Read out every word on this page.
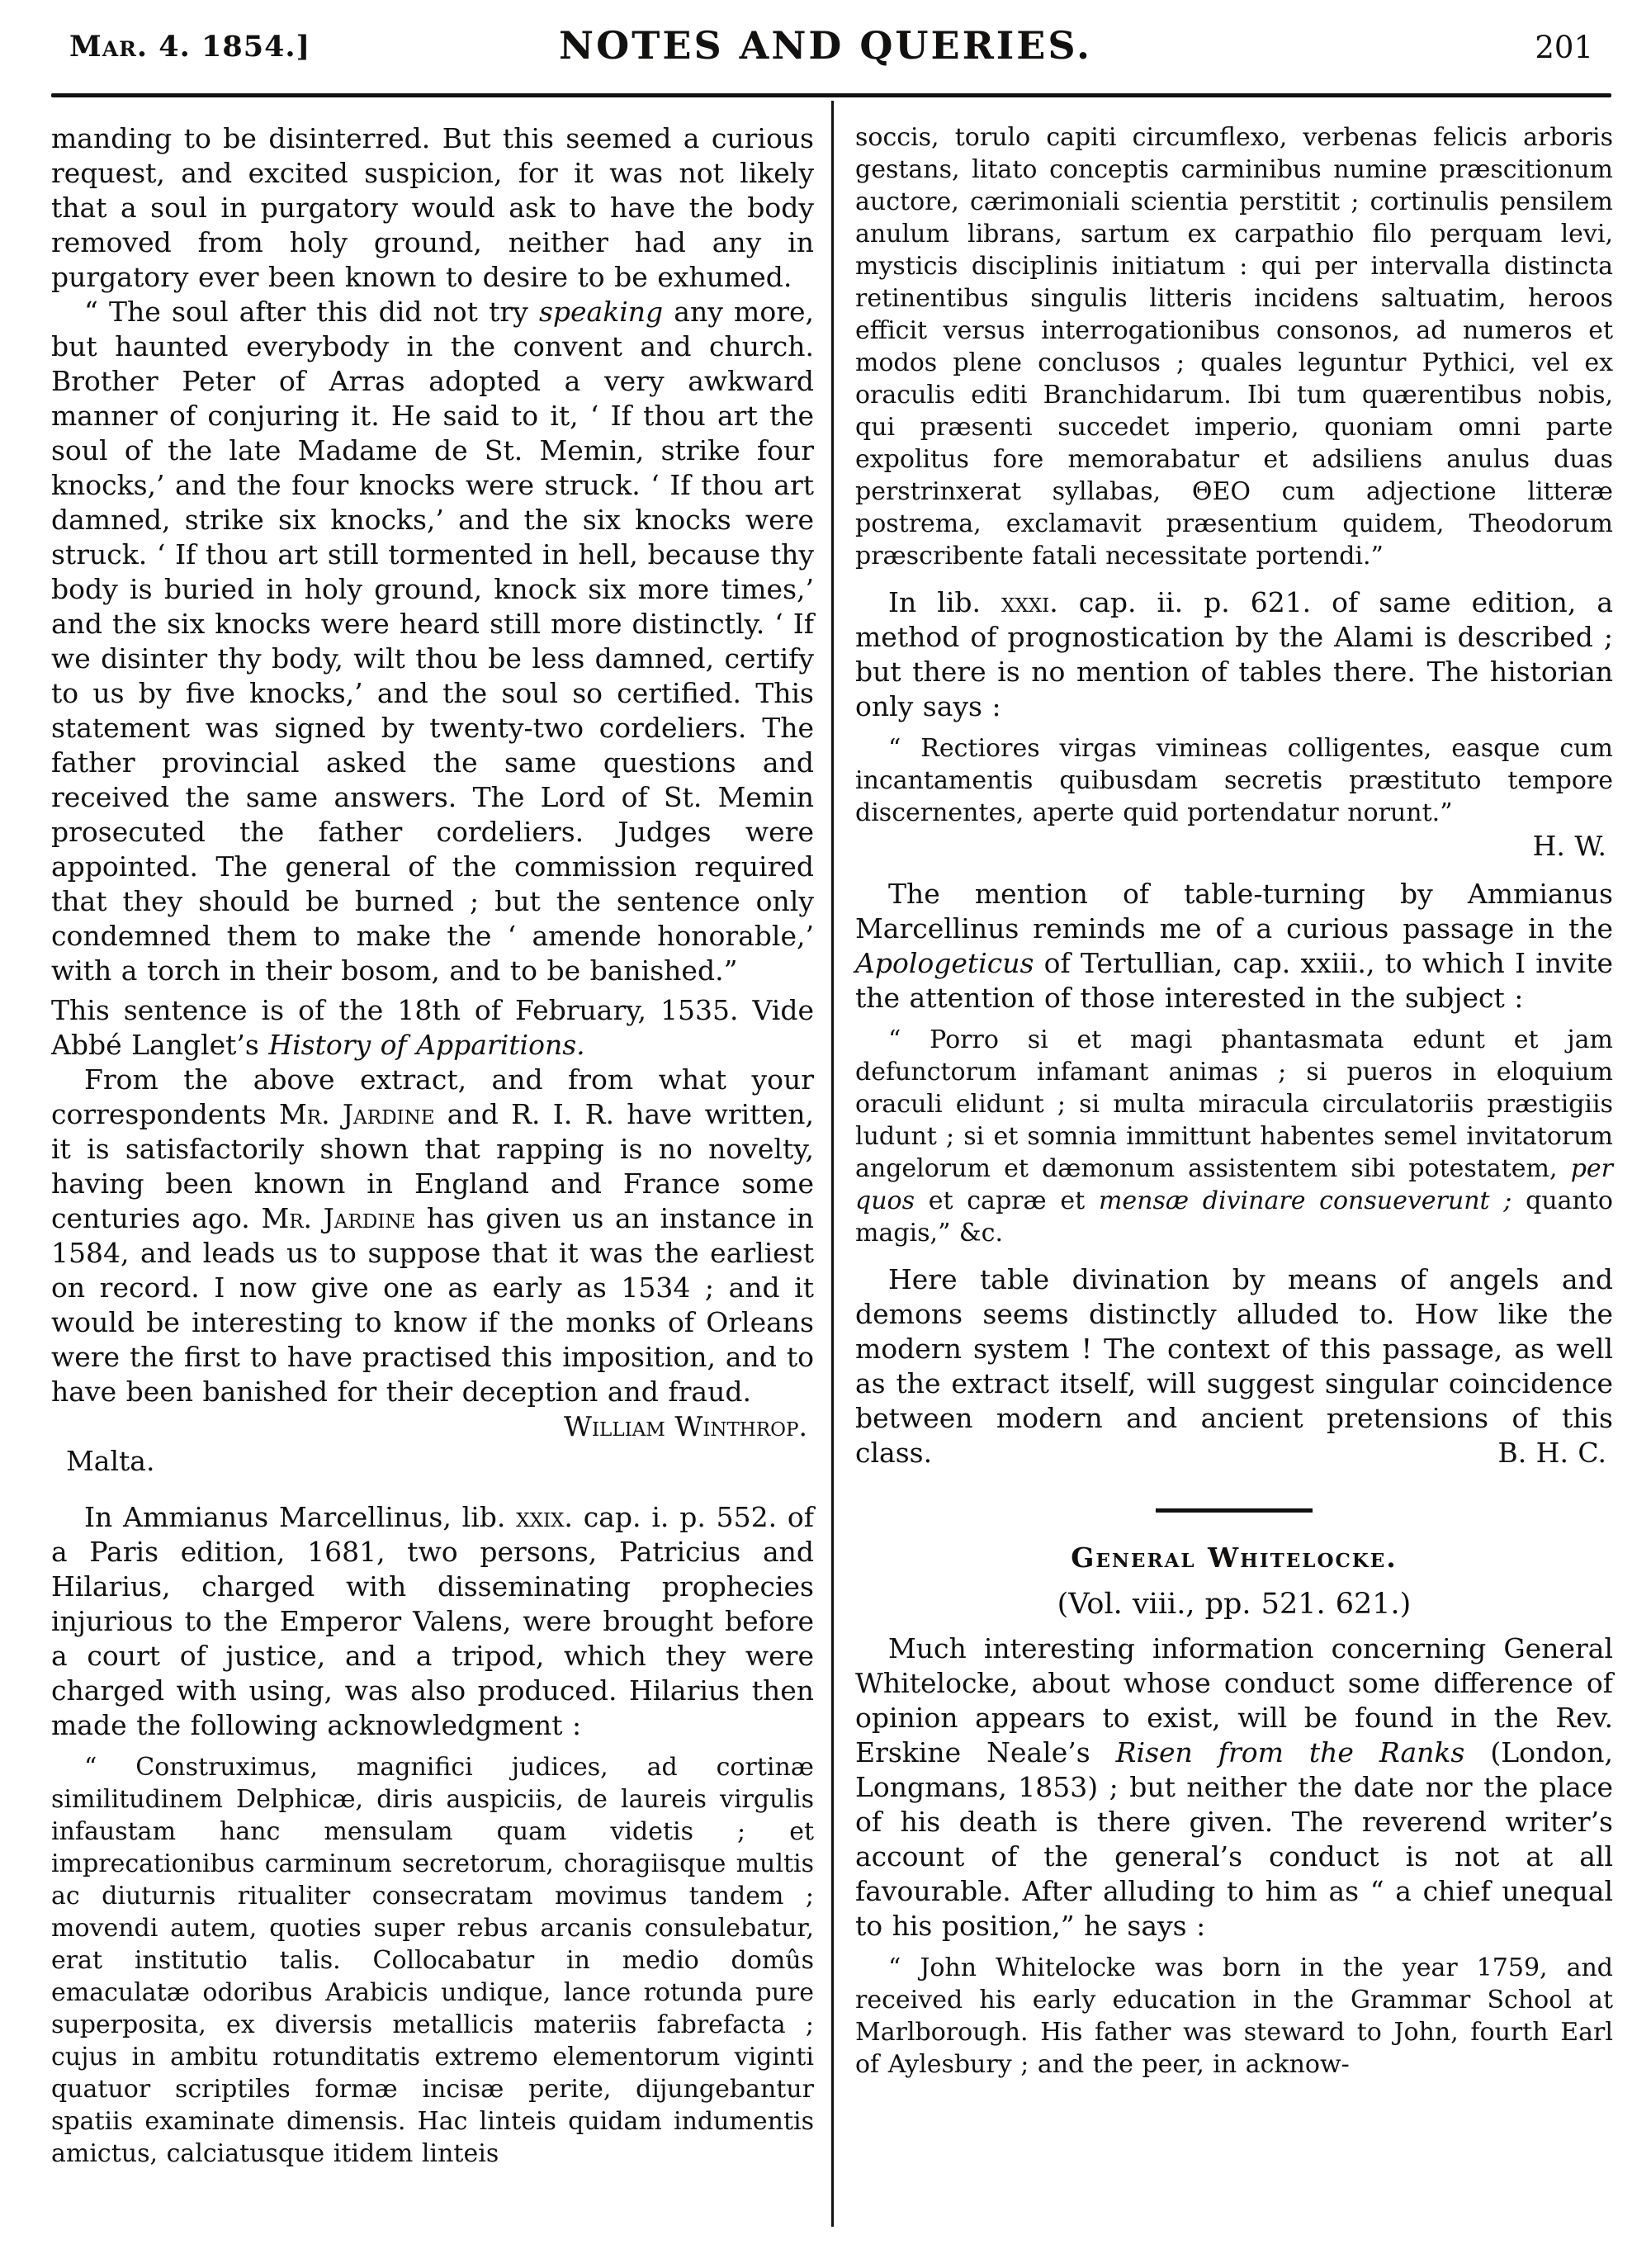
Mar. 4. 1854.]	NOTES AND QUERIES.	201

manding to be disinterred. But this seemed a curious request, and excited suspicion, for it was not likely that a soul in purgatory would ask to have the body removed from holy ground, neither had any in purgatory ever been known to desire to be exhumed.

“ The soul after this did not try speaking any more, but haunted everybody in the convent and church. Brother Peter of Arras adopted a very awkward manner of conjuring it. He said to it, ‘ If thou art the soul of the late Madame de St. Memin, strike four knocks,’ and the four knocks were struck. ‘ If thou art damned, strike six knocks,’ and the six knocks were struck. ‘ If thou art still tormented in hell, because thy body is buried in holy ground, knock six more times,’ and the six knocks were heard still more distinctly. ‘ If we disinter thy body, wilt thou be less damned, certify to us by five knocks,’ and the soul so certified. This statement was signed by twenty-two cordeliers. The father provincial asked the same questions and received the same answers. The Lord of St. Memin prosecuted the father cordeliers. Judges were appointed. The general of the commission required that they should be burned ; but the sentence only condemned them to make the ‘ amende honorable,’ with a torch in their bosom, and to be banished.”

This sentence is of the 18th of February, 1535. Vide Abbé Langlet’s History of Apparitions.

From the above extract, and from what your correspondents Mr. Jardine and R. I. R. have written, it is satisfactorily shown that rapping is no novelty, having been known in England and France some centuries ago. Mr. Jardine has given us an instance in 1584, and leads us to suppose that it was the earliest on record. I now give one as early as 1534 ; and it would be interesting to know if the monks of Orleans were the first to have practised this imposition, and to have been banished for their deception and fraud.

William Winthrop.

Malta.

In Ammianus Marcellinus, lib. xxix. cap. i. p. 552. of a Paris edition, 1681, two persons, Patricius and Hilarius, charged with disseminating prophecies injurious to the Emperor Valens, were brought before a court of justice, and a tripod, which they were charged with using, was also produced. Hilarius then made the following acknowledgment :

“ Construximus, magnifici judices, ad cortinæ similitudinem Delphicæ, diris auspiciis, de laureis virgulis infaustam hanc mensulam quam videtis ; et imprecationibus carminum secretorum, choragiisque multis ac diuturnis ritualiter consecratam movimus tandem ; movendi autem, quoties super rebus arcanis consulebatur, erat institutio talis. Collocabatur in medio domûs emaculatæ odoribus Arabicis undique, lance rotunda pure superposita, ex diversis metallicis materiis fabrefacta ; cujus in ambitu rotunditatis extremo elementorum viginti quatuor scriptiles formæ incisæ perite, dijungebantur spatiis examinate dimensis. Hac linteis quidam indumentis amictus, calciatusque itidem linteis

soccis, torulo capiti circumflexo, verbenas felicis arboris gestans, litato conceptis carminibus numine præscitionum auctore, cærimoniali scientia perstitit ; cortinulis pensilem anulum librans, sartum ex carpathio filo perquam levi, mysticis disciplinis initiatum : qui per intervalla distincta retinentibus singulis litteris incidens saltuatim, heroos efficit versus interrogationibus consonos, ad numeros et modos plene conclusos ; quales leguntur Pythici, vel ex oraculis editi Branchidarum. Ibi tum quærentibus nobis, qui præsenti succedet imperio, quoniam omni parte expolitus fore memorabatur et adsiliens anulus duas perstrinxerat syllabas, ΘΕΟ cum adjectione litteræ postrema, exclamavit præsentium quidem, Theodorum præscribente fatali necessitate portendi.”

In lib. xxxi. cap. ii. p. 621. of same edition, a method of prognostication by the Alami is described ; but there is no mention of tables there. The historian only says :

“ Rectiores virgas vimineas colligentes, easque cum incantamentis quibusdam secretis præstituto tempore discernentes, aperte quid portendatur norunt.”

H. W.

The mention of table-turning by Ammianus Marcellinus reminds me of a curious passage in the Apologeticus of Tertullian, cap. xxiii., to which I invite the attention of those interested in the subject :

“ Porro si et magi phantasmata edunt et jam defunctorum infamant animas ; si pueros in eloquium oraculi elidunt ; si multa miracula circulatoriis præstigiis ludunt ; si et somnia immittunt habentes semel invitatorum angelorum et dæmonum assistentem sibi potestatem, per quos et capræ et mensæ divinare consueverunt ; quanto magis,” &c.

Here table divination by means of angels and demons seems distinctly alluded to. How like the modern system ! The context of this passage, as well as the extract itself, will suggest singular coincidence between modern and ancient pretensions of this class.	B. H. C.

General Whitelocke.

(Vol. viii., pp. 521. 621.)

Much interesting information concerning General Whitelocke, about whose conduct some difference of opinion appears to exist, will be found in the Rev. Erskine Neale’s Risen from the Ranks (London, Longmans, 1853) ; but neither the date nor the place of his death is there given. The reverend writer’s account of the general’s conduct is not at all favourable. After alluding to him as “ a chief unequal to his position,” he says :

“ John Whitelocke was born in the year 1759, and received his early education in the Grammar School at Marlborough. His father was steward to John, fourth Earl of Aylesbury ; and the peer, in acknow-
